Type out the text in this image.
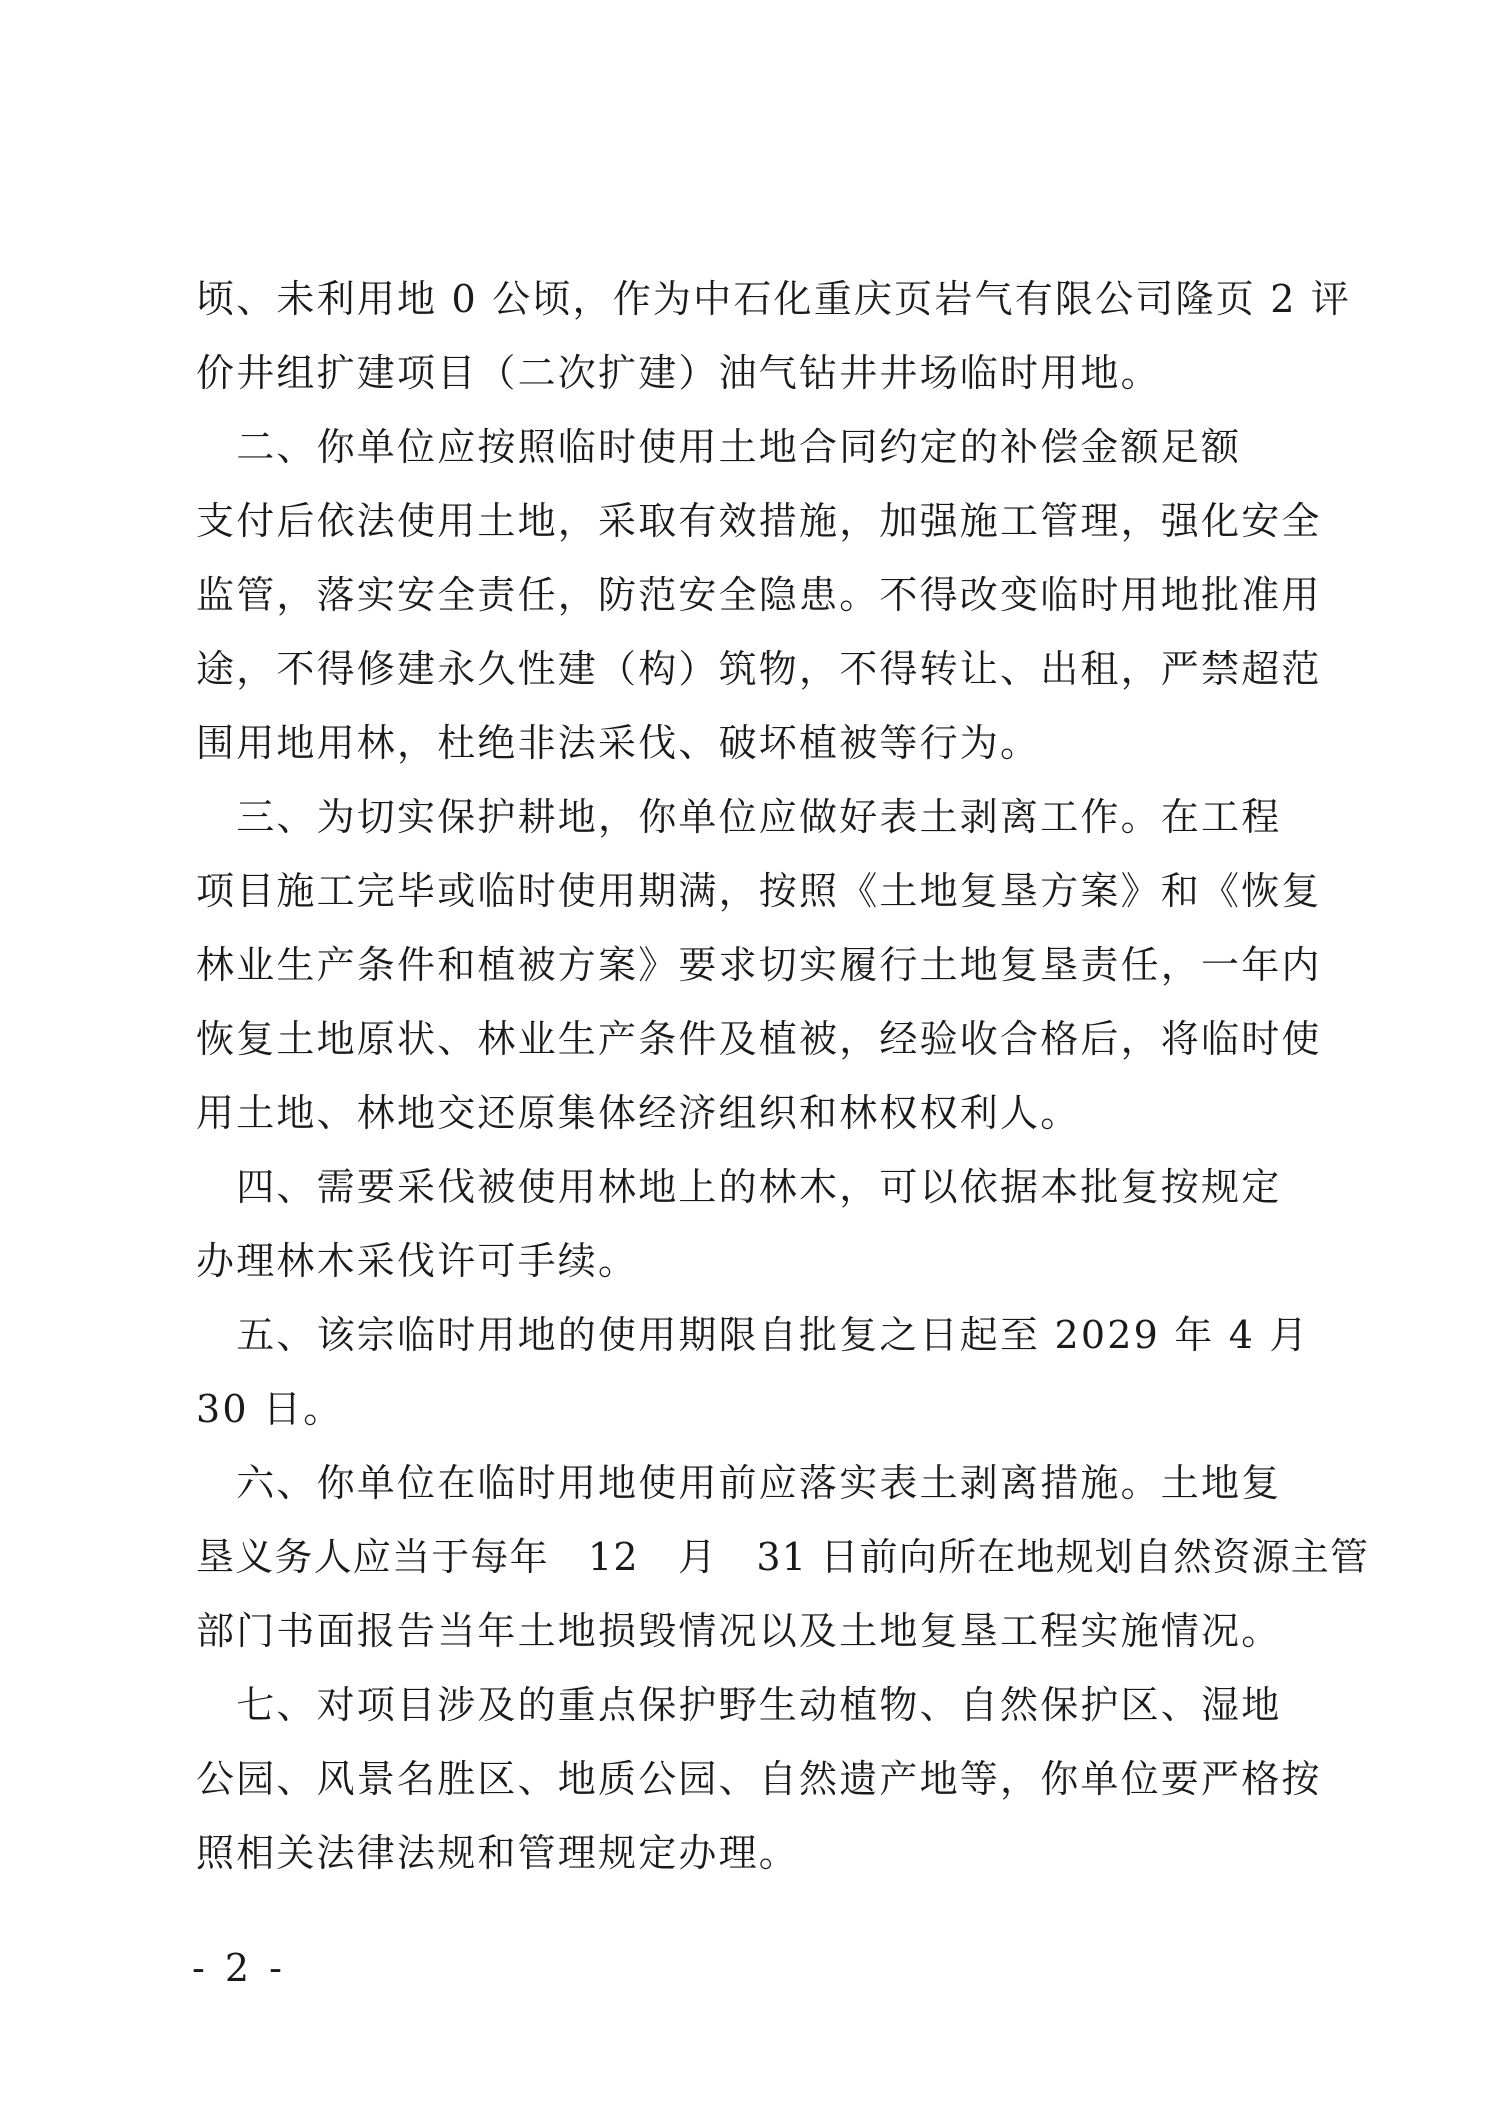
顷、未利用地 0 公顷，作为中石化重庆页岩气有限公司隆页 2 评
价井组扩建项目（二次扩建）油气钻井井场临时用地。
　二、你单位应按照临时使用土地合同约定的补偿金额足额
支付后依法使用土地，采取有效措施，加强施工管理，强化安全
监管，落实安全责任，防范安全隐患。不得改变临时用地批准用
途，不得修建永久性建（构）筑物，不得转让、出租，严禁超范
围用地用林，杜绝非法采伐、破坏植被等行为。
　三、为切实保护耕地，你单位应做好表土剥离工作。在工程
项目施工完毕或临时使用期满，按照《土地复垦方案》和《恢复
林业生产条件和植被方案》要求切实履行土地复垦责任，一年内
恢复土地原状、林业生产条件及植被，经验收合格后，将临时使
用土地、林地交还原集体经济组织和林权权利人。
　四、需要采伐被使用林地上的林木，可以依据本批复按规定
办理林木采伐许可手续。
　五、该宗临时用地的使用期限自批复之日起至 2029 年 4 月
30 日。
　六、你单位在临时用地使用前应落实表土剥离措施。土地复
垦义务人应当于每年　12　月　31 日前向所在地规划自然资源主管
部门书面报告当年土地损毁情况以及土地复垦工程实施情况。
　七、对项目涉及的重点保护野生动植物、自然保护区、湿地
公园、风景名胜区、地质公园、自然遗产地等，你单位要严格按
照相关法律法规和管理规定办理。
- 2 -
